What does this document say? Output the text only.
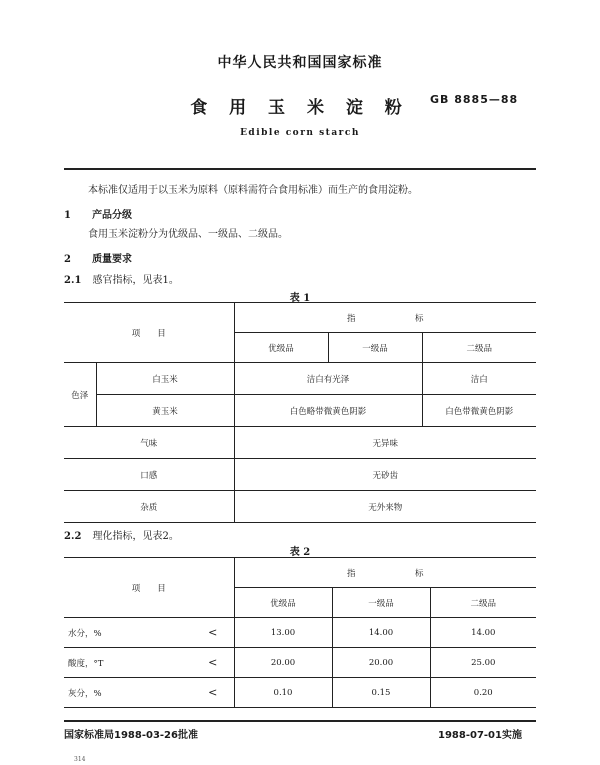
中华人民共和国国家标准
食 用 玉 米 淀 粉	GB 8885—88
Edible corn starch
本标准仅适用于以玉米为原料（原料需符合食用标准）而生产的食用淀粉。
1 产品分级
食用玉米淀粉分为优级品、一级品、二级品。
2 质量要求
2.1 感官指标，见表1。
表 1
项　　目		指　　　　　　　标		
		优级品	一级品	二级品
色泽	白玉米	洁白有光泽		洁白
	黄玉米	白色略带微黄色阴影		白色带微黄色阴影
气味		无异味		
口感		无砂齿		
杂质		无外来物		
2.2 理化指标，见表2。
表 2
项　　目		指　　　　　　　标		
		优级品	一级品	二级品
水分，%	<	13.00	14.00	14.00
酸度，°T	<	20.00	20.00	25.00
灰分，%	<	0.10	0.15	0.20
国家标准局1988-03-26批准	1988-07-01实施
314
